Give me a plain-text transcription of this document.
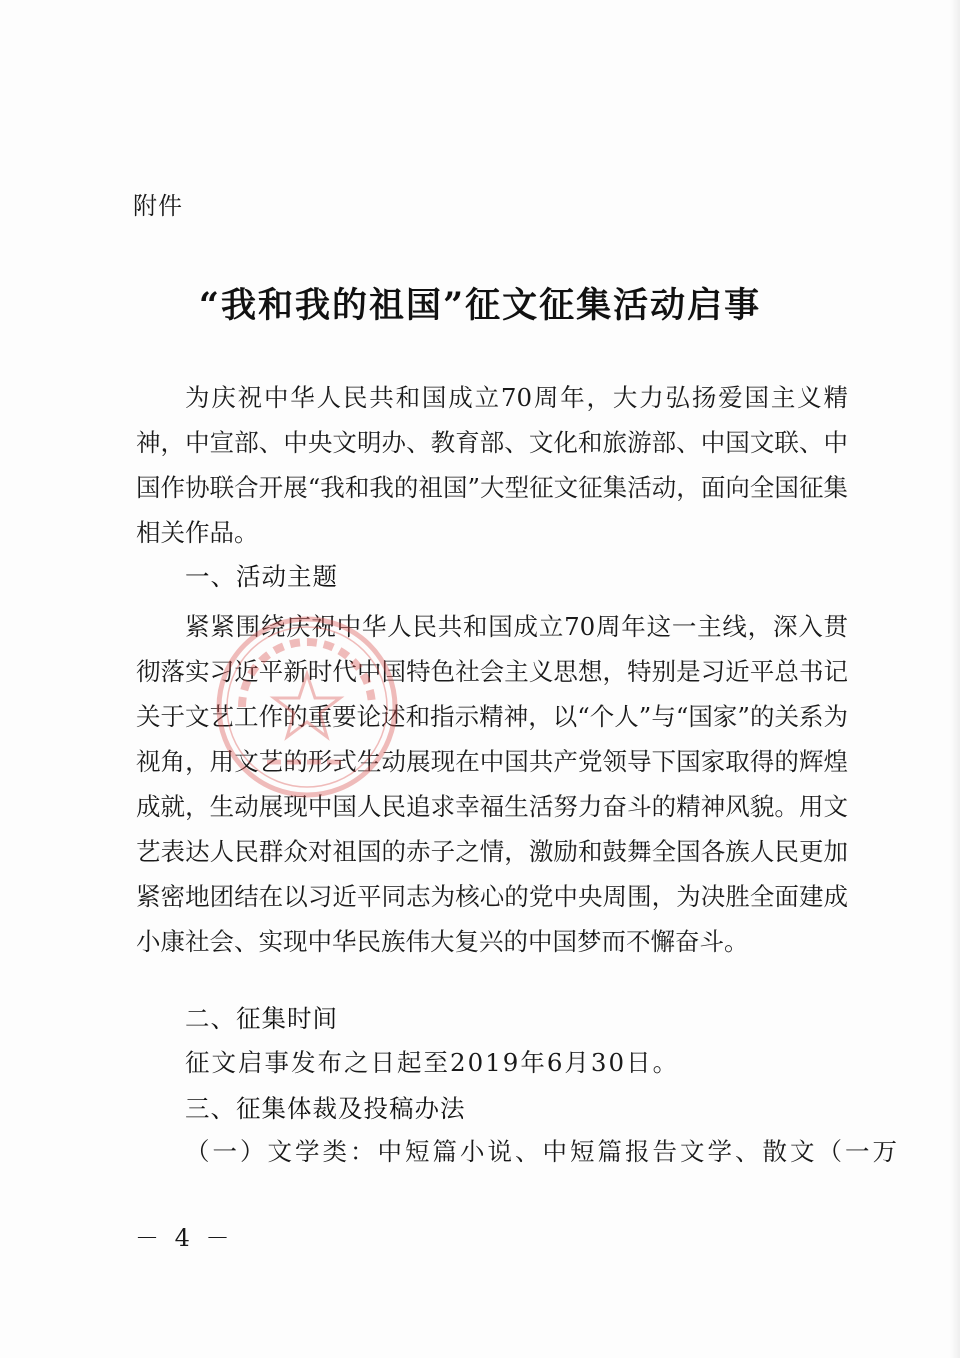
附件
“我和我的祖国”征文征集活动启事
为庆祝中华人民共和国成立70周年，大力弘扬爱国主义精神，中宣部、中央文明办、教育部、文化和旅游部、中国文联、中国作协联合开展“我和我的祖国”大型征文征集活动，面向全国征集相关作品。
一、活动主题
紧紧围绕庆祝中华人民共和国成立70周年这一主线，深入贯彻落实习近平新时代中国特色社会主义思想，特别是习近平总书记关于文艺工作的重要论述和指示精神，以“个人”与“国家”的关系为视角，用文艺的形式生动展现在中国共产党领导下国家取得的辉煌成就，生动展现中国人民追求幸福生活努力奋斗的精神风貌。用文艺表达人民群众对祖国的赤子之情，激励和鼓舞全国各族人民更加紧密地团结在以习近平同志为核心的党中央周围，为决胜全面建成小康社会、实现中华民族伟大复兴的中国梦而不懈奋斗。
二、征集时间
征文启事发布之日起至2019年6月30日。
三、征集体裁及投稿办法
（一）文学类：中短篇小说、中短篇报告文学、散文（一万
－ 4 －
